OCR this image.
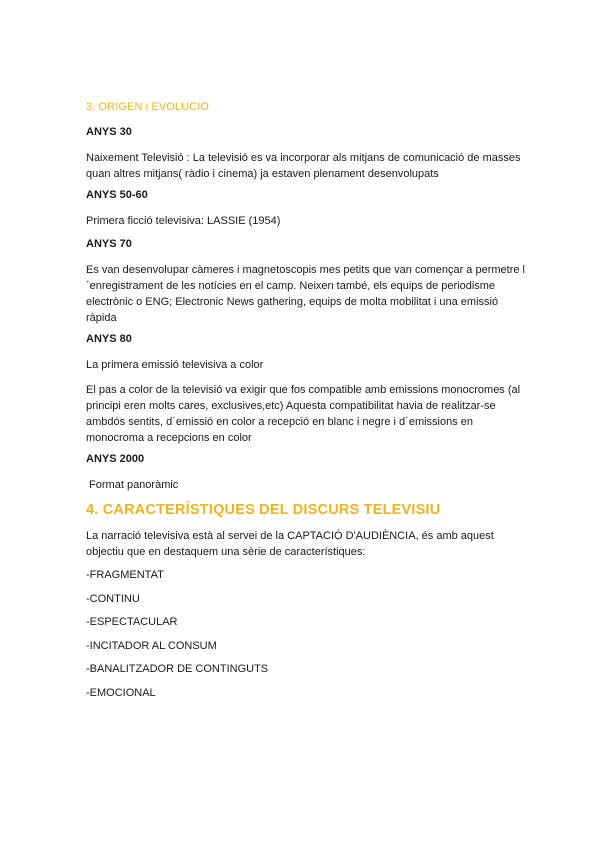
3. ORIGEN i EVOLUCIÓ
ANYS 30

Naixement Televisió : La televisió es va incorporar als mitjans de comunicació de masses quan altres mitjans( ràdio i cinema) ja estaven plenament desenvolupats

ANYS 50-60

Primera ficció televisiva: LASSIE (1954)

ANYS 70

Es van desenvolupar càmeres i magnetoscopis mes petits que van començar a permetre l´enregistrament de les notícies en el camp. Neixen també, els equips de periodisme electrònic o ENG; Electronic News gathering, equips de molta mobilitat i una emissió ràpida

ANYS 80

La primera emissió televisiva a color

El pas a color de la televisió va exigir que fos compatible amb emissions monocromes (al principi eren molts cares, exclusives,etc) Aquesta compatibilitat havia de realitzar-se ambdós sentits, d´emissió en color a recepció en blanc i negre i d´emissions en monocroma a recepcions en color

ANYS 2000

Format panoràmic

4. CARACTERÍSTIQUES DEL DISCURS TELEVISIU

La narració televisiva està al servei de la CAPTACIÓ D'AUDIÈNCIA, és amb aquest objectiu que en destaquem una sèrie de característiques:

-FRAGMENTAT
-CONTINU
-ESPECTACULAR
-INCITADOR AL CONSUM
-BANALITZADOR DE CONTINGUTS
-EMOCIONAL
